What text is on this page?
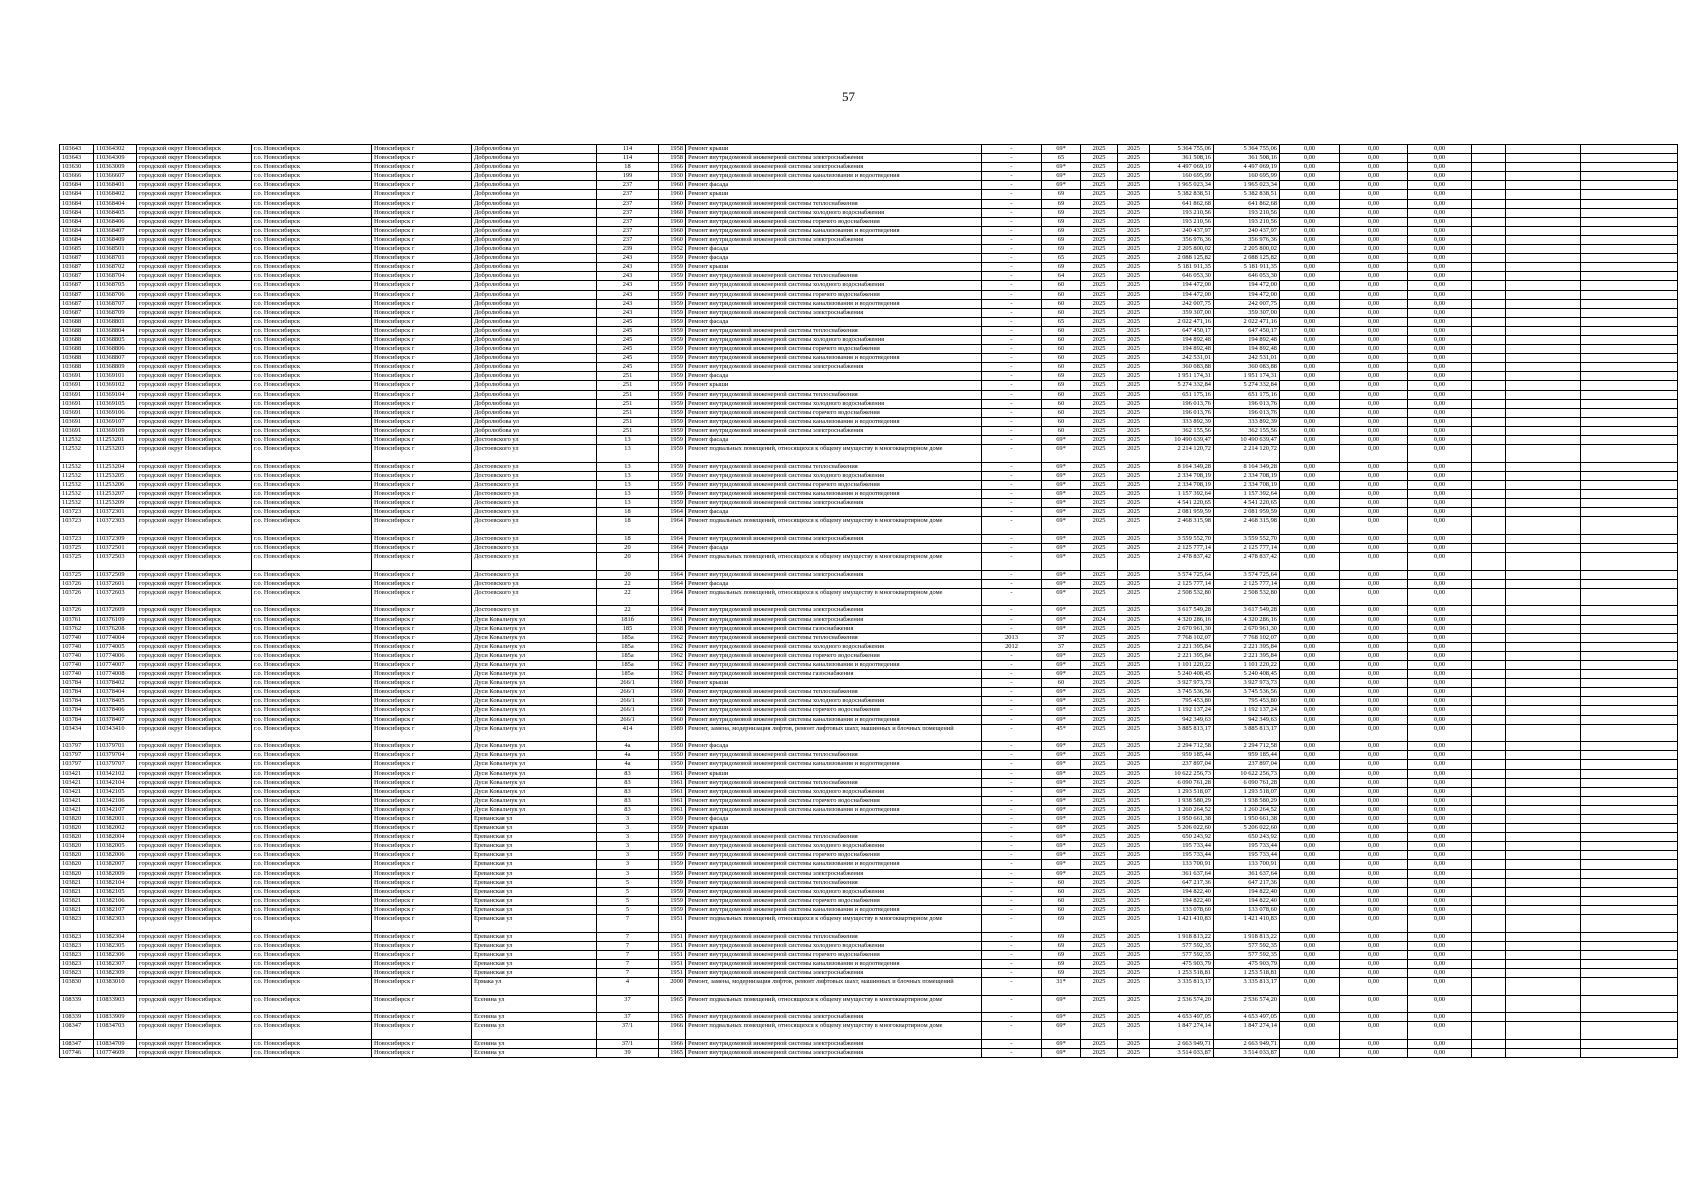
57
103643	110364302	городской округ Новосибирск	г.о. Новосибирск	Новосибирск г	Добролюбова ул	114	1958	Ремонт крыши	-	69*	2025	2025	5 364 755,06	5 364 755,06	0,00	0,00	0,00			
103643	110364309	городской округ Новосибирск	г.о. Новосибирск	Новосибирск г	Добролюбова ул	114	1958	Ремонт внутридомовой инженерной системы электроснабжения	-	65	2025	2025	361 508,16	361 508,16	0,00	0,00	0,00			
103630	110363009	городской округ Новосибирск	г.о. Новосибирск	Новосибирск г	Добролюбова ул	18	1966	Ремонт внутридомовой инженерной системы электроснабжения	-	69*	2025	2025	4 497 069,19	4 497 069,19	0,00	0,00	0,00			
103666	110366607	городской округ Новосибирск	г.о. Новосибирск	Новосибирск г	Добролюбова ул	199	1930	Ремонт внутридомовой инженерной системы канализования и водоотведения	-	69*	2025	2025	160 695,99	160 695,99	0,00	0,00	0,00			
103684	110368401	городской округ Новосибирск	г.о. Новосибирск	Новосибирск г	Добролюбова ул	237	1960	Ремонт фасада	-	69*	2025	2025	1 965 023,34	1 965 023,34	0,00	0,00	0,00			
103684	110368402	городской округ Новосибирск	г.о. Новосибирск	Новосибирск г	Добролюбова ул	237	1960	Ремонт крыши	-	69	2025	2025	5 382 838,51	5 382 838,51	0,00	0,00	0,00			
103684	110368404	городской округ Новосибирск	г.о. Новосибирск	Новосибирск г	Добролюбова ул	237	1960	Ремонт внутридомовой инженерной системы теплоснабжения	-	69	2025	2025	641 862,68	641 862,68	0,00	0,00	0,00			
103684	110368405	городской округ Новосибирск	г.о. Новосибирск	Новосибирск г	Добролюбова ул	237	1960	Ремонт внутридомовой инженерной системы холодного водоснабжения	-	69	2025	2025	193 210,56	193 210,56	0,00	0,00	0,00			
103684	110368406	городской округ Новосибирск	г.о. Новосибирск	Новосибирск г	Добролюбова ул	237	1960	Ремонт внутридомовой инженерной системы горячего водоснабжения	-	69	2025	2025	193 210,56	193 210,56	0,00	0,00	0,00			
103684	110368407	городской округ Новосибирск	г.о. Новосибирск	Новосибирск г	Добролюбова ул	237	1960	Ремонт внутридомовой инженерной системы канализования и водоотведения	-	69	2025	2025	240 437,97	240 437,97	0,00	0,00	0,00			
103684	110368409	городской округ Новосибирск	г.о. Новосибирск	Новосибирск г	Добролюбова ул	237	1960	Ремонт внутридомовой инженерной системы электроснабжения	-	69	2025	2025	356 976,36	356 976,36	0,00	0,00	0,00			
103685	110368501	городской округ Новосибирск	г.о. Новосибирск	Новосибирск г	Добролюбова ул	239	1952	Ремонт фасада	-	69	2025	2025	2 205 800,02	2 205 800,02	0,00	0,00	0,00			
103687	110368701	городской округ Новосибирск	г.о. Новосибирск	Новосибирск г	Добролюбова ул	243	1959	Ремонт фасада	-	65	2025	2025	2 088 125,82	2 088 125,82	0,00	0,00	0,00			
103687	110368702	городской округ Новосибирск	г.о. Новосибирск	Новосибирск г	Добролюбова ул	243	1959	Ремонт крыши	-	69	2025	2025	5 181 911,35	5 181 911,35	0,00	0,00	0,00			
103687	110368704	городской округ Новосибирск	г.о. Новосибирск	Новосибирск г	Добролюбова ул	243	1959	Ремонт внутридомовой инженерной системы теплоснабжения	-	64	2025	2025	646 053,30	646 053,30	0,00	0,00	0,00			
103687	110368705	городской округ Новосибирск	г.о. Новосибирск	Новосибирск г	Добролюбова ул	243	1959	Ремонт внутридомовой инженерной системы холодного водоснабжения	-	60	2025	2025	194 472,00	194 472,00	0,00	0,00	0,00			
103687	110368706	городской округ Новосибирск	г.о. Новосибирск	Новосибирск г	Добролюбова ул	243	1959	Ремонт внутридомовой инженерной системы горячего водоснабжения	-	60	2025	2025	194 472,00	194 472,00	0,00	0,00	0,00			
103687	110368707	городской округ Новосибирск	г.о. Новосибирск	Новосибирск г	Добролюбова ул	243	1959	Ремонт внутридомовой инженерной системы канализования и водоотведения	-	60	2025	2025	242 007,75	242 007,75	0,00	0,00	0,00			
103687	110368709	городской округ Новосибирск	г.о. Новосибирск	Новосибирск г	Добролюбова ул	243	1959	Ремонт внутридомовой инженерной системы электроснабжения	-	60	2025	2025	359 307,00	359 307,00	0,00	0,00	0,00			
103688	110368801	городской округ Новосибирск	г.о. Новосибирск	Новосибирск г	Добролюбова ул	245	1959	Ремонт фасада	-	65	2025	2025	2 022 471,16	2 022 471,16	0,00	0,00	0,00			
103688	110368804	городской округ Новосибирск	г.о. Новосибирск	Новосибирск г	Добролюбова ул	245	1959	Ремонт внутридомовой инженерной системы теплоснабжения	-	60	2025	2025	647 450,17	647 450,17	0,00	0,00	0,00			
103688	110368805	городской округ Новосибирск	г.о. Новосибирск	Новосибирск г	Добролюбова ул	245	1959	Ремонт внутридомовой инженерной системы холодного водоснабжения	-	60	2025	2025	194 892,48	194 892,48	0,00	0,00	0,00			
103688	110368806	городской округ Новосибирск	г.о. Новосибирск	Новосибирск г	Добролюбова ул	245	1959	Ремонт внутридомовой инженерной системы горячего водоснабжения	-	60	2025	2025	194 892,48	194 892,48	0,00	0,00	0,00			
103688	110368807	городской округ Новосибирск	г.о. Новосибирск	Новосибирск г	Добролюбова ул	245	1959	Ремонт внутридомовой инженерной системы канализования и водоотведения	-	60	2025	2025	242 531,01	242 531,01	0,00	0,00	0,00			
103688	110368809	городской округ Новосибирск	г.о. Новосибирск	Новосибирск г	Добролюбова ул	245	1959	Ремонт внутридомовой инженерной системы электроснабжения	-	60	2025	2025	360 083,88	360 083,88	0,00	0,00	0,00			
103691	110369101	городской округ Новосибирск	г.о. Новосибирск	Новосибирск г	Добролюбова ул	251	1959	Ремонт фасада	-	69	2025	2025	1 951 174,31	1 951 174,31	0,00	0,00	0,00			
103691	110369102	городской округ Новосибирск	г.о. Новосибирск	Новосибирск г	Добролюбова ул	251	1959	Ремонт крыши	-	69	2025	2025	5 274 332,84	5 274 332,84	0,00	0,00	0,00			
103691	110369104	городской округ Новосибирск	г.о. Новосибирск	Новосибирск г	Добролюбова ул	251	1959	Ремонт внутридомовой инженерной системы теплоснабжения	-	60	2025	2025	651 175,16	651 175,16	0,00	0,00	0,00			
103691	110369105	городской округ Новосибирск	г.о. Новосибирск	Новосибирск г	Добролюбова ул	251	1959	Ремонт внутридомовой инженерной системы холодного водоснабжения	-	60	2025	2025	196 013,76	196 013,76	0,00	0,00	0,00			
103691	110369106	городской округ Новосибирск	г.о. Новосибирск	Новосибирск г	Добролюбова ул	251	1959	Ремонт внутридомовой инженерной системы горячего водоснабжения	-	60	2025	2025	196 013,76	196 013,76	0,00	0,00	0,00			
103691	110369107	городской округ Новосибирск	г.о. Новосибирск	Новосибирск г	Добролюбова ул	251	1959	Ремонт внутридомовой инженерной системы канализования и водоотведения	-	60	2025	2025	333 892,39	333 892,39	0,00	0,00	0,00			
103691	110369109	городской округ Новосибирск	г.о. Новосибирск	Новосибирск г	Добролюбова ул	251	1959	Ремонт внутридомовой инженерной системы электроснабжения	-	60	2025	2025	362 155,56	362 155,56	0,00	0,00	0,00			
112532	111253201	городской округ Новосибирск	г.о. Новосибирск	Новосибирск г	Достоевского ул	13	1959	Ремонт фасада	-	69*	2025	2025	10 490 639,47	10 490 639,47	0,00	0,00	0,00			
112532	111253203	городской округ Новосибирск	г.о. Новосибирск	Новосибирск г	Достоевского ул	13	1959	Ремонт подвальных помещений, относящихся к общему имуществу в многоквартирном доме	-	69*	2025	2025	2 214 120,72	2 214 120,72	0,00	0,00	0,00			
112532	111253204	городской округ Новосибирск	г.о. Новосибирск	Новосибирск г	Достоевского ул	13	1959	Ремонт внутридомовой инженерной системы теплоснабжения	-	69*	2025	2025	8 164 349,28	8 164 349,28	0,00	0,00	0,00			
112532	111253205	городской округ Новосибирск	г.о. Новосибирск	Новосибирск г	Достоевского ул	13	1959	Ремонт внутридомовой инженерной системы холодного водоснабжения	-	69*	2025	2025	2 334 708,19	2 334 708,19	0,00	0,00	0,00			
112532	111253206	городской округ Новосибирск	г.о. Новосибирск	Новосибирск г	Достоевского ул	13	1959	Ремонт внутридомовой инженерной системы горячего водоснабжения	-	69*	2025	2025	2 334 708,19	2 334 708,19	0,00	0,00	0,00			
112532	111253207	городской округ Новосибирск	г.о. Новосибирск	Новосибирск г	Достоевского ул	13	1959	Ремонт внутридомовой инженерной системы канализования и водоотведения	-	69*	2025	2025	1 157 392,64	1 157 392,64	0,00	0,00	0,00			
112532	111253209	городской округ Новосибирск	г.о. Новосибирск	Новосибирск г	Достоевского ул	13	1959	Ремонт внутридомовой инженерной системы электроснабжения	-	69*	2025	2025	4 541 220,65	4 541 220,65	0,00	0,00	0,00			
103723	110372301	городской округ Новосибирск	г.о. Новосибирск	Новосибирск г	Достоевского ул	18	1964	Ремонт фасада	-	69*	2025	2025	2 081 959,59	2 081 959,59	0,00	0,00	0,00			
103723	110372303	городской округ Новосибирск	г.о. Новосибирск	Новосибирск г	Достоевского ул	18	1964	Ремонт подвальных помещений, относящихся к общему имуществу в многоквартирном доме	-	69*	2025	2025	2 468 315,98	2 468 315,98	0,00	0,00	0,00			
103723	110372309	городской округ Новосибирск	г.о. Новосибирск	Новосибирск г	Достоевского ул	18	1964	Ремонт внутридомовой инженерной системы электроснабжения	-	69*	2025	2025	3 559 552,70	3 559 552,70	0,00	0,00	0,00			
103725	110372501	городской округ Новосибирск	г.о. Новосибирск	Новосибирск г	Достоевского ул	20	1964	Ремонт фасада	-	69*	2025	2025	2 125 777,14	2 125 777,14	0,00	0,00	0,00			
103725	110372503	городской округ Новосибирск	г.о. Новосибирск	Новосибирск г	Достоевского ул	20	1964	Ремонт подвальных помещений, относящихся к общему имуществу в многоквартирном доме	-	69*	2025	2025	2 478 837,42	2 478 837,42	0,00	0,00	0,00			
103725	110372509	городской округ Новосибирск	г.о. Новосибирск	Новосибирск г	Достоевского ул	20	1964	Ремонт внутридомовой инженерной системы электроснабжения	-	69*	2025	2025	3 574 725,64	3 574 725,64	0,00	0,00	0,00			
103726	110372601	городской округ Новосибирск	г.о. Новосибирск	Новосибирск г	Достоевского ул	22	1964	Ремонт фасада	-	69*	2025	2025	2 125 777,14	2 125 777,14	0,00	0,00	0,00			
103726	110372603	городской округ Новосибирск	г.о. Новосибирск	Новосибирск г	Достоевского ул	22	1964	Ремонт подвальных помещений, относящихся к общему имуществу в многоквартирном доме	-	69*	2025	2025	2 508 532,80	2 508 532,80	0,00	0,00	0,00			
103726	110372609	городской округ Новосибирск	г.о. Новосибирск	Новосибирск г	Достоевского ул	22	1964	Ремонт внутридомовой инженерной системы электроснабжения	-	69*	2025	2025	3 617 549,28	3 617 549,28	0,00	0,00	0,00			
103761	110376109	городской округ Новосибирск	г.о. Новосибирск	Новосибирск г	Дуси Ковальчук ул	181б	1961	Ремонт внутридомовой инженерной системы электроснабжения	-	69*	2024	2025	4 320 286,16	4 320 286,16	0,00	0,00	0,00			
103762	110376208	городской округ Новосибирск	г.о. Новосибирск	Новосибирск г	Дуси Ковальчук ул	185	1938	Ремонт внутридомовой инженерной системы газоснабжения	-	69*	2025	2025	2 670 961,30	2 670 961,30	0,00	0,00	0,00			
107740	110774004	городской округ Новосибирск	г.о. Новосибирск	Новосибирск г	Дуси Ковальчук ул	185а	1962	Ремонт внутридомовой инженерной системы теплоснабжения	2013	37	2025	2025	7 768 102,07	7 768 102,07	0,00	0,00	0,00			
107740	110774005	городской округ Новосибирск	г.о. Новосибирск	Новосибирск г	Дуси Ковальчук ул	185а	1962	Ремонт внутридомовой инженерной системы холодного водоснабжения	2012	37	2025	2025	2 221 395,84	2 221 395,84	0,00	0,00	0,00			
107740	110774006	городской округ Новосибирск	г.о. Новосибирск	Новосибирск г	Дуси Ковальчук ул	185а	1962	Ремонт внутридомовой инженерной системы горячего водоснабжения	-	69*	2025	2025	2 221 395,84	2 221 395,84	0,00	0,00	0,00			
107740	110774007	городской округ Новосибирск	г.о. Новосибирск	Новосибирск г	Дуси Ковальчук ул	185а	1962	Ремонт внутридомовой инженерной системы канализования и водоотведения	-	69*	2025	2025	1 101 220,22	1 101 220,22	0,00	0,00	0,00			
107740	110774008	городской округ Новосибирск	г.о. Новосибирск	Новосибирск г	Дуси Ковальчук ул	185а	1962	Ремонт внутридомовой инженерной системы газоснабжения	-	69*	2025	2025	5 240 408,45	5 240 408,45	0,00	0,00	0,00			
103784	110378402	городской округ Новосибирск	г.о. Новосибирск	Новосибирск г	Дуси Ковальчук ул	266/1	1960	Ремонт крыши	-	60	2025	2025	3 927 973,73	3 927 973,73	0,00	0,00	0,00			
103784	110378404	городской округ Новосибирск	г.о. Новосибирск	Новосибирск г	Дуси Ковальчук ул	266/1	1960	Ремонт внутридомовой инженерной системы теплоснабжения	-	69*	2025	2025	3 745 536,56	3 745 536,56	0,00	0,00	0,00			
103784	110378405	городской округ Новосибирск	г.о. Новосибирск	Новосибирск г	Дуси Ковальчук ул	266/1	1960	Ремонт внутридомовой инженерной системы холодного водоснабжения	-	69*	2025	2025	795 453,80	795 453,80	0,00	0,00	0,00			
103784	110378406	городской округ Новосибирск	г.о. Новосибирск	Новосибирск г	Дуси Ковальчук ул	266/1	1960	Ремонт внутридомовой инженерной системы горячего водоснабжения	-	69*	2025	2025	1 192 137,24	1 192 137,24	0,00	0,00	0,00			
103784	110378407	городской округ Новосибирск	г.о. Новосибирск	Новосибирск г	Дуси Ковальчук ул	266/1	1960	Ремонт внутридомовой инженерной системы канализования и водоотведения	-	69*	2025	2025	942 349,63	942 349,63	0,00	0,00	0,00			
103434	110343410	городской округ Новосибирск	г.о. Новосибирск	Новосибирск г	Дуси Ковальчук ул	414	1989	Ремонт, замена, модернизация лифтов, ремонт лифтовых шахт, машинных и блочных помещений	-	45*	2025	2025	3 885 813,17	3 885 813,17	0,00	0,00	0,00			
103797	110379701	городской округ Новосибирск	г.о. Новосибирск	Новосибирск г	Дуси Ковальчук ул	4а	1950	Ремонт фасада	-	69*	2025	2025	2 294 712,58	2 294 712,58	0,00	0,00	0,00			
103797	110379704	городской округ Новосибирск	г.о. Новосибирск	Новосибирск г	Дуси Ковальчук ул	4а	1950	Ремонт внутридомовой инженерной системы теплоснабжения	-	69*	2025	2025	959 185,44	959 185,44	0,00	0,00	0,00			
103797	110379707	городской округ Новосибирск	г.о. Новосибирск	Новосибирск г	Дуси Ковальчук ул	4а	1950	Ремонт внутридомовой инженерной системы канализования и водоотведения	-	69*	2025	2025	237 897,04	237 897,04	0,00	0,00	0,00			
103421	110342102	городской округ Новосибирск	г.о. Новосибирск	Новосибирск г	Дуси Ковальчук ул	83	1961	Ремонт крыши	-	69*	2025	2025	10 622 256,73	10 622 256,73	0,00	0,00	0,00			
103421	110342104	городской округ Новосибирск	г.о. Новосибирск	Новосибирск г	Дуси Ковальчук ул	83	1961	Ремонт внутридомовой инженерной системы теплоснабжения	-	69*	2025	2025	6 090 761,28	6 090 761,28	0,00	0,00	0,00			
103421	110342105	городской округ Новосибирск	г.о. Новосибирск	Новосибирск г	Дуси Ковальчук ул	83	1961	Ремонт внутридомовой инженерной системы холодного водоснабжения	-	69*	2025	2025	1 293 518,07	1 293 518,07	0,00	0,00	0,00			
103421	110342106	городской округ Новосибирск	г.о. Новосибирск	Новосибирск г	Дуси Ковальчук ул	83	1961	Ремонт внутридомовой инженерной системы горячего водоснабжения	-	69*	2025	2025	1 938 580,29	1 938 580,29	0,00	0,00	0,00			
103421	110342107	городской округ Новосибирск	г.о. Новосибирск	Новосибирск г	Дуси Ковальчук ул	83	1961	Ремонт внутридомовой инженерной системы канализования и водоотведения	-	69*	2025	2025	1 260 264,52	1 260 264,52	0,00	0,00	0,00			
103820	110382001	городской округ Новосибирск	г.о. Новосибирск	Новосибирск г	Ереванская ул	3	1959	Ремонт фасада	-	69*	2025	2025	1 950 661,38	1 950 661,38	0,00	0,00	0,00			
103820	110382002	городской округ Новосибирск	г.о. Новосибирск	Новосибирск г	Ереванская ул	3	1959	Ремонт крыши	-	69*	2025	2025	5 206 022,60	5 206 022,60	0,00	0,00	0,00			
103820	110382004	городской округ Новосибирск	г.о. Новосибирск	Новосибирск г	Ереванская ул	3	1959	Ремонт внутридомовой инженерной системы теплоснабжения	-	69*	2025	2025	650 243,92	650 243,92	0,00	0,00	0,00			
103820	110382005	городской округ Новосибирск	г.о. Новосибирск	Новосибирск г	Ереванская ул	3	1959	Ремонт внутридомовой инженерной системы холодного водоснабжения	-	69*	2025	2025	195 733,44	195 733,44	0,00	0,00	0,00			
103820	110382006	городской округ Новосибирск	г.о. Новосибирск	Новосибирск г	Ереванская ул	3	1959	Ремонт внутридомовой инженерной системы горячего водоснабжения	-	69*	2025	2025	195 733,44	195 733,44	0,00	0,00	0,00			
103820	110382007	городской округ Новосибирск	г.о. Новосибирск	Новосибирск г	Ереванская ул	3	1959	Ремонт внутридомовой инженерной системы канализования и водоотведения	-	69*	2025	2025	133 700,91	133 700,91	0,00	0,00	0,00			
103820	110382009	городской округ Новосибирск	г.о. Новосибирск	Новосибирск г	Ереванская ул	3	1959	Ремонт внутридомовой инженерной системы электроснабжения	-	69*	2025	2025	361 637,64	361 637,64	0,00	0,00	0,00			
103821	110382104	городской округ Новосибирск	г.о. Новосибирск	Новосибирск г	Ереванская ул	5	1959	Ремонт внутридомовой инженерной системы теплоснабжения	-	60	2025	2025	647 217,36	647 217,36	0,00	0,00	0,00			
103821	110382105	городской округ Новосибирск	г.о. Новосибирск	Новосибирск г	Ереванская ул	5	1959	Ремонт внутридомовой инженерной системы холодного водоснабжения	-	60	2025	2025	194 822,40	194 822,40	0,00	0,00	0,00			
103821	110382106	городской округ Новосибирск	г.о. Новосибирск	Новосибирск г	Ереванская ул	5	1959	Ремонт внутридомовой инженерной системы горячего водоснабжения	-	60	2025	2025	194 822,40	194 822,40	0,00	0,00	0,00			
103821	110382107	городской округ Новосибирск	г.о. Новосибирск	Новосибирск г	Ереванская ул	5	1959	Ремонт внутридомовой инженерной системы канализования и водоотведения	-	60	2025	2025	133 078,60	133 078,60	0,00	0,00	0,00			
103823	110382303	городской округ Новосибирск	г.о. Новосибирск	Новосибирск г	Ереванская ул	7	1951	Ремонт подвальных помещений, относящихся к общему имуществу в многоквартирном доме	-	69	2025	2025	1 421 410,83	1 421 410,83	0,00	0,00	0,00			
103823	110382304	городской округ Новосибирск	г.о. Новосибирск	Новосибирск г	Ереванская ул	7	1951	Ремонт внутридомовой инженерной системы теплоснабжения	-	69	2025	2025	1 918 813,22	1 918 813,22	0,00	0,00	0,00			
103823	110382305	городской округ Новосибирск	г.о. Новосибирск	Новосибирск г	Ереванская ул	7	1951	Ремонт внутридомовой инженерной системы холодного водоснабжения	-	69	2025	2025	577 592,35	577 592,35	0,00	0,00	0,00			
103823	110382306	городской округ Новосибирск	г.о. Новосибирск	Новосибирск г	Ереванская ул	7	1951	Ремонт внутридомовой инженерной системы горячего водоснабжения	-	69	2025	2025	577 592,35	577 592,35	0,00	0,00	0,00			
103823	110382307	городской округ Новосибирск	г.о. Новосибирск	Новосибирск г	Ереванская ул	7	1951	Ремонт внутридомовой инженерной системы канализования и водоотведения	-	69	2025	2025	475 903,79	475 903,79	0,00	0,00	0,00			
103823	110382309	городской округ Новосибирск	г.о. Новосибирск	Новосибирск г	Ереванская ул	7	1951	Ремонт внутридомовой инженерной системы электроснабжения	-	69	2025	2025	1 253 518,81	1 253 518,81	0,00	0,00	0,00			
103830	110383010	городской округ Новосибирск	г.о. Новосибирск	Новосибирск г	Ермака ул	4	2000	Ремонт, замена, модернизация лифтов, ремонт лифтовых шахт, машинных и блочных помещений	-	31*	2025	2025	3 335 813,17	3 335 813,17	0,00	0,00	0,00			
108339	110833903	городской округ Новосибирск	г.о. Новосибирск	Новосибирск г	Есенина ул	37	1965	Ремонт подвальных помещений, относящихся к общему имуществу в многоквартирном доме	-	69*	2025	2025	2 536 574,20	2 536 574,20	0,00	0,00	0,00			
108339	110833909	городской округ Новосибирск	г.о. Новосибирск	Новосибирск г	Есенина ул	37	1965	Ремонт внутридомовой инженерной системы электроснабжения	-	69*	2025	2025	4 653 497,05	4 653 497,05	0,00	0,00	0,00			
108347	110834703	городской округ Новосибирск	г.о. Новосибирск	Новосибирск г	Есенина ул	37/1	1966	Ремонт подвальных помещений, относящихся к общему имуществу в многоквартирном доме	-	69*	2025	2025	1 847 274,14	1 847 274,14	0,00	0,00	0,00			
108347	110834709	городской округ Новосибирск	г.о. Новосибирск	Новосибирск г	Есенина ул	37/1	1966	Ремонт внутридомовой инженерной системы электроснабжения	-	69*	2025	2025	2 663 949,71	2 663 949,71	0,00	0,00	0,00			
107746	110774609	городской округ Новосибирск	г.о. Новосибирск	Новосибирск г	Есенина ул	39	1965	Ремонт внутридомовой инженерной системы электроснабжения	-	69*	2025	2025	3 514 033,87	3 514 033,87	0,00	0,00	0,00			
